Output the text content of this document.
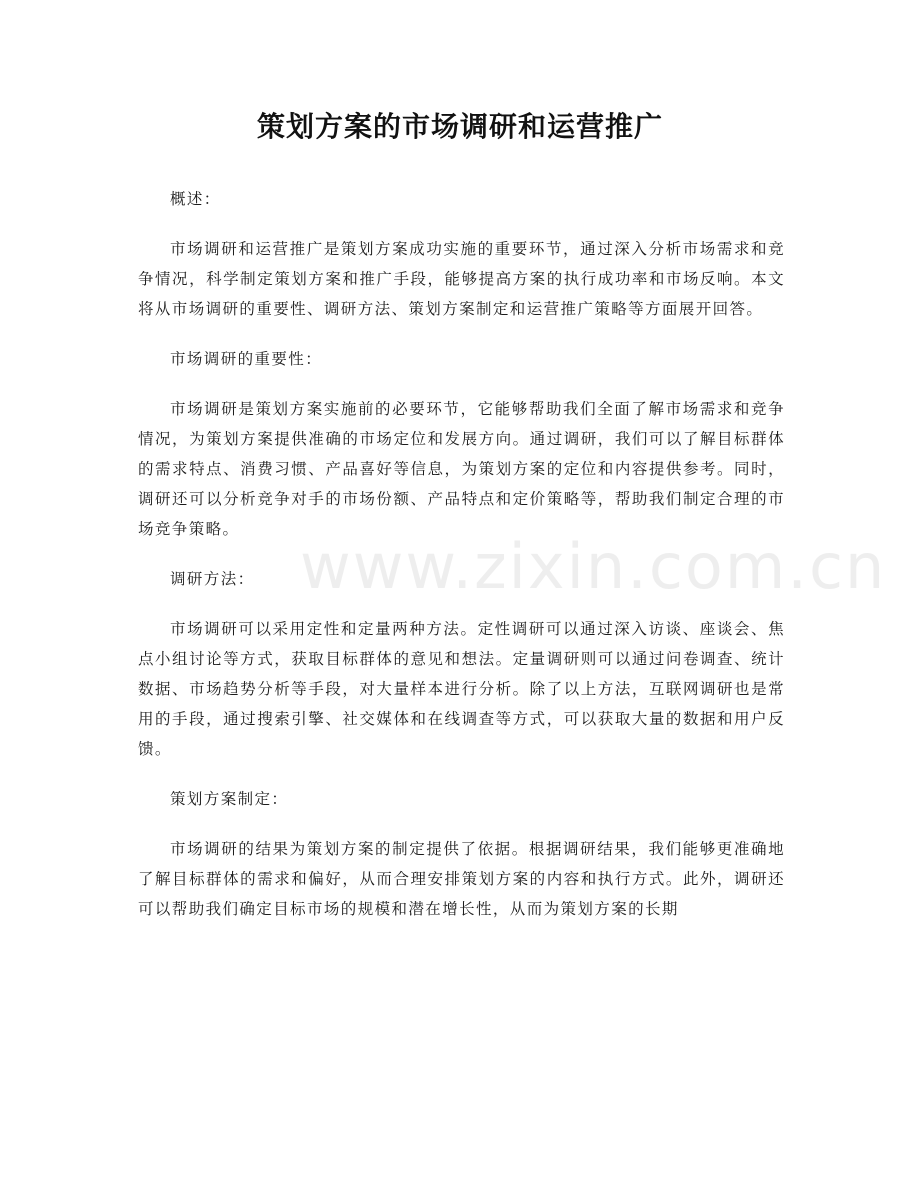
策划方案的市场调研和运营推广

概述：

市场调研和运营推广是策划方案成功实施的重要环节，通过深入分析市场需求和竞争情况，科学制定策划方案和推广手段，能够提高方案的执行成功率和市场反响。本文将从市场调研的重要性、调研方法、策划方案制定和运营推广策略等方面展开回答。

市场调研的重要性：

市场调研是策划方案实施前的必要环节，它能够帮助我们全面了解市场需求和竞争情况，为策划方案提供准确的市场定位和发展方向。通过调研，我们可以了解目标群体的需求特点、消费习惯、产品喜好等信息，为策划方案的定位和内容提供参考。同时，调研还可以分析竞争对手的市场份额、产品特点和定价策略等，帮助我们制定合理的市场竞争策略。

调研方法：

市场调研可以采用定性和定量两种方法。定性调研可以通过深入访谈、座谈会、焦点小组讨论等方式，获取目标群体的意见和想法。定量调研则可以通过问卷调查、统计数据、市场趋势分析等手段，对大量样本进行分析。除了以上方法，互联网调研也是常用的手段，通过搜索引擎、社交媒体和在线调查等方式，可以获取大量的数据和用户反馈。

策划方案制定：

市场调研的结果为策划方案的制定提供了依据。根据调研结果，我们能够更准确地了解目标群体的需求和偏好，从而合理安排策划方案的内容和执行方式。此外，调研还可以帮助我们确定目标市场的规模和潜在增长性，从而为策划方案的长期

www.zixin.com.cn
